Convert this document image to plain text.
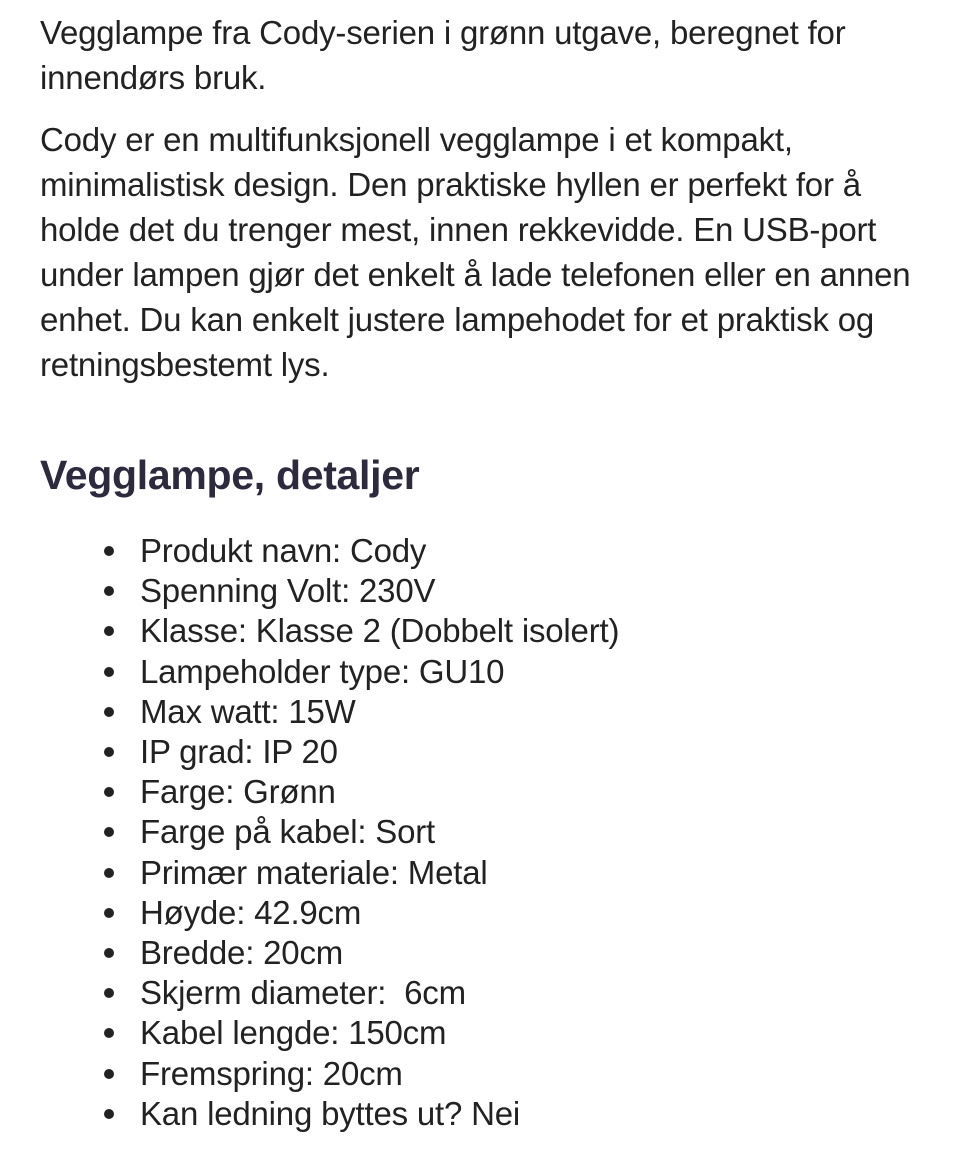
Vegglampe fra Cody-serien i grønn utgave, beregnet for innendørs bruk.

Cody er en multifunksjonell vegglampe i et kompakt, minimalistisk design. Den praktiske hyllen er perfekt for å holde det du trenger mest, innen rekkevidde. En USB-port under lampen gjør det enkelt å lade telefonen eller en annen enhet. Du kan enkelt justere lampehodet for et praktisk og retningsbestemt lys.

Vegglampe, detaljer
Produkt navn: Cody
Spenning Volt: 230V
Klasse: Klasse 2 (Dobbelt isolert)
Lampeholder type: GU10
Max watt: 15W
IP grad: IP 20
Farge: Grønn
Farge på kabel: Sort
Primær materiale: Metal
Høyde: 42.9cm
Bredde: 20cm
Skjerm diameter:  6cm
Kabel lengde: 150cm
Fremspring: 20cm
Kan ledning byttes ut? Nei
